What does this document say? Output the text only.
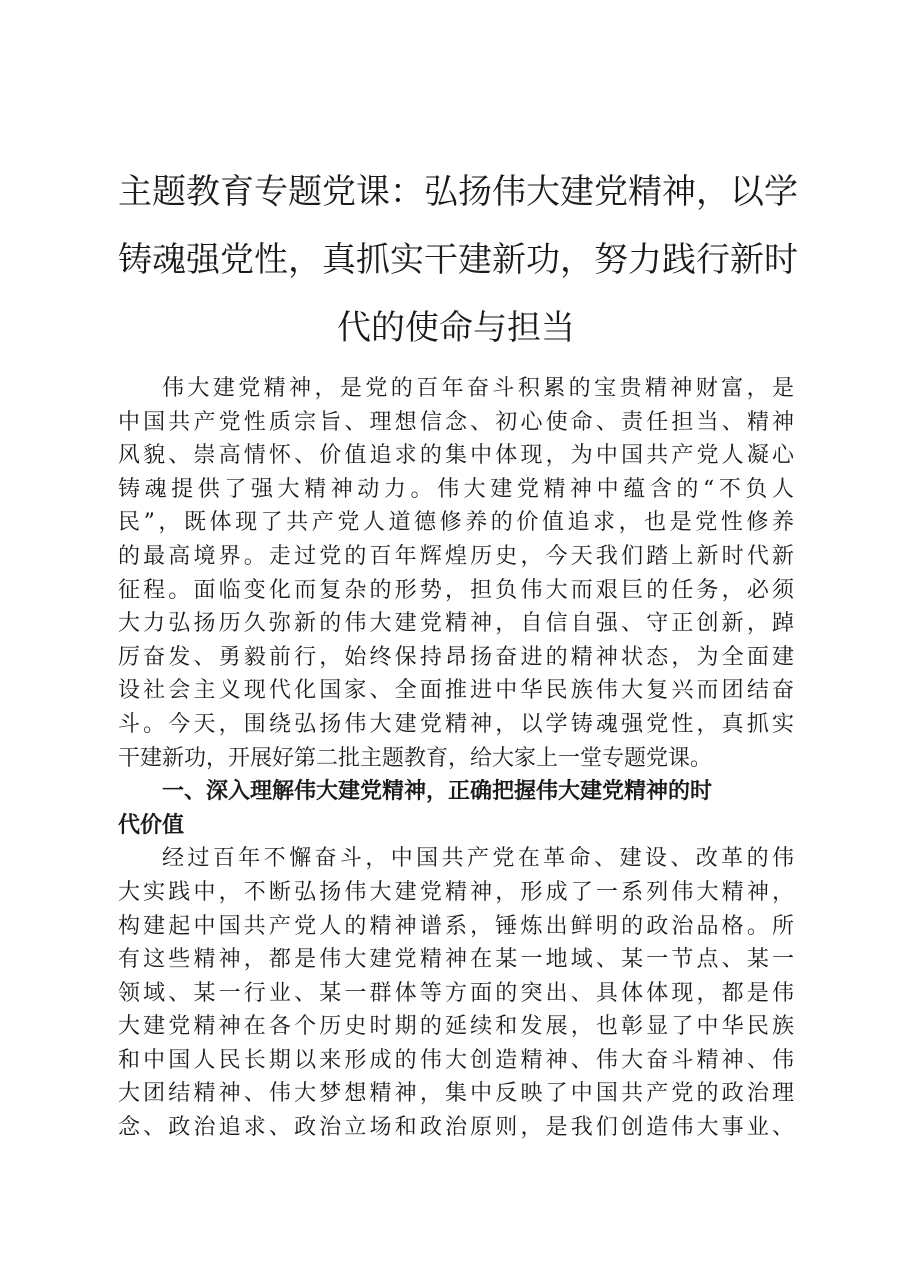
主题教育专题党课：弘扬伟大建党精神，以学
铸魂强党性，真抓实干建新功，努力践行新时
代的使命与担当
伟大建党精神，是党的百年奋斗积累的宝贵精神财富，是
中国共产党性质宗旨、理想信念、初心使命、责任担当、精神
风貌、崇高情怀、价值追求的集中体现，为中国共产党人凝心
铸魂提供了强大精神动力。伟大建党精神中蕴含的“不负人
民”，既体现了共产党人道德修养的价值追求，也是党性修养
的最高境界。走过党的百年辉煌历史，今天我们踏上新时代新
征程。面临变化而复杂的形势，担负伟大而艰巨的任务，必须
大力弘扬历久弥新的伟大建党精神，自信自强、守正创新，踔
厉奋发、勇毅前行，始终保持昂扬奋进的精神状态，为全面建
设社会主义现代化国家、全面推进中华民族伟大复兴而团结奋
斗。今天，围绕弘扬伟大建党精神，以学铸魂强党性，真抓实
干建新功，开展好第二批主题教育，给大家上一堂专题党课。
一、深入理解伟大建党精神，正确把握伟大建党精神的时
代价值
经过百年不懈奋斗，中国共产党在革命、建设、改革的伟
大实践中，不断弘扬伟大建党精神，形成了一系列伟大精神，
构建起中国共产党人的精神谱系，锤炼出鲜明的政治品格。所
有这些精神，都是伟大建党精神在某一地域、某一节点、某一
领域、某一行业、某一群体等方面的突出、具体体现，都是伟
大建党精神在各个历史时期的延续和发展，也彰显了中华民族
和中国人民长期以来形成的伟大创造精神、伟大奋斗精神、伟
大团结精神、伟大梦想精神，集中反映了中国共产党的政治理
念、政治追求、政治立场和政治原则，是我们创造伟大事业、
